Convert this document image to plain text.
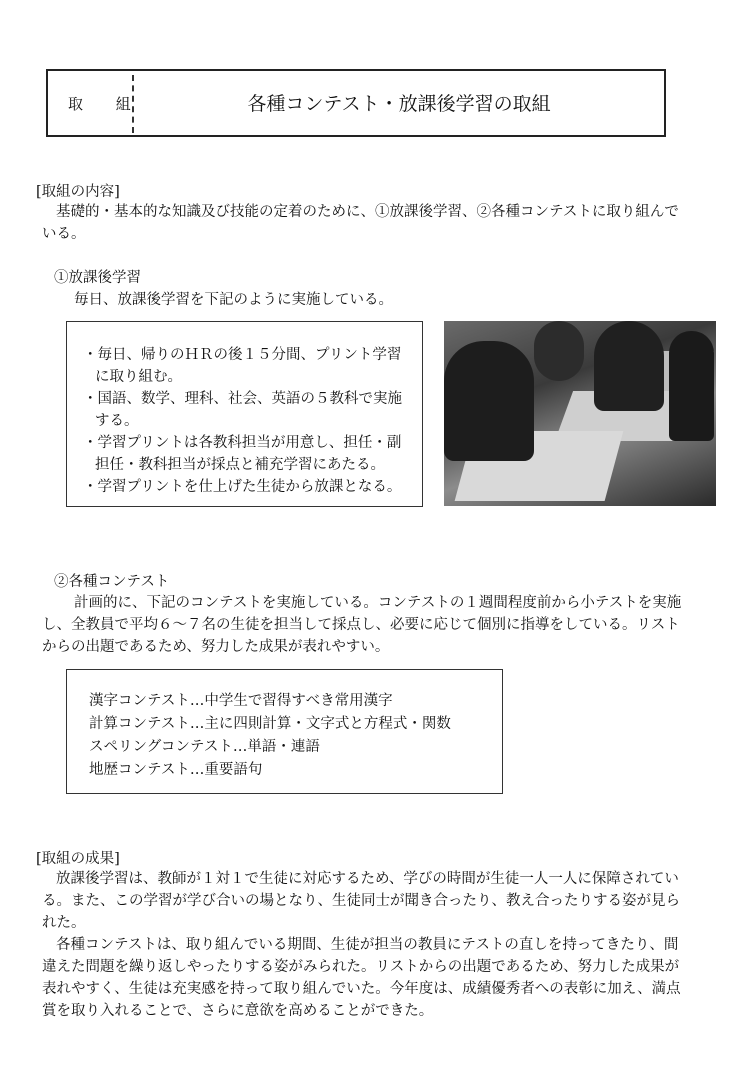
取 組	各種コンテスト・放課後学習の取組
[取組の内容]

基礎的・基本的な知識及び技能の定着のために、①放課後学習、②各種コンテストに取り組んでいる。

①放課後学習
毎日、放課後学習を下記のように実施している。
・毎日、帰りのＨＲの後１５分間、プリント学習に取り組む。
・国語、数学、理科、社会、英語の５教科で実施する。
・学習プリントは各教科担当が用意し、担任・副担任・教科担当が採点と補充学習にあたる。
・学習プリントを仕上げた生徒から放課となる。
②各種コンテスト

計画的に、下記のコンテストを実施している。コンテストの１週間程度前から小テストを実施し、全教員で平均６～７名の生徒を担当して採点し、必要に応じて個別に指導をしている。リストからの出題であるため、努力した成果が表れやすい。

漢字コンテスト…中学生で習得すべき常用漢字
計算コンテスト…主に四則計算・文字式と方程式・関数
スペリングコンテスト…単語・連語
地歴コンテスト…重要語句
[取組の成果]

放課後学習は、教師が１対１で生徒に対応するため、学びの時間が生徒一人一人に保障されている。また、この学習が学び合いの場となり、生徒同士が聞き合ったり、教え合ったりする姿が見られた。

各種コンテストは、取り組んでいる期間、生徒が担当の教員にテストの直しを持ってきたり、間違えた問題を繰り返しやったりする姿がみられた。リストからの出題であるため、努力した成果が表れやすく、生徒は充実感を持って取り組んでいた。今年度は、成績優秀者への表彰に加え、満点賞を取り入れることで、さらに意欲を高めることができた。
